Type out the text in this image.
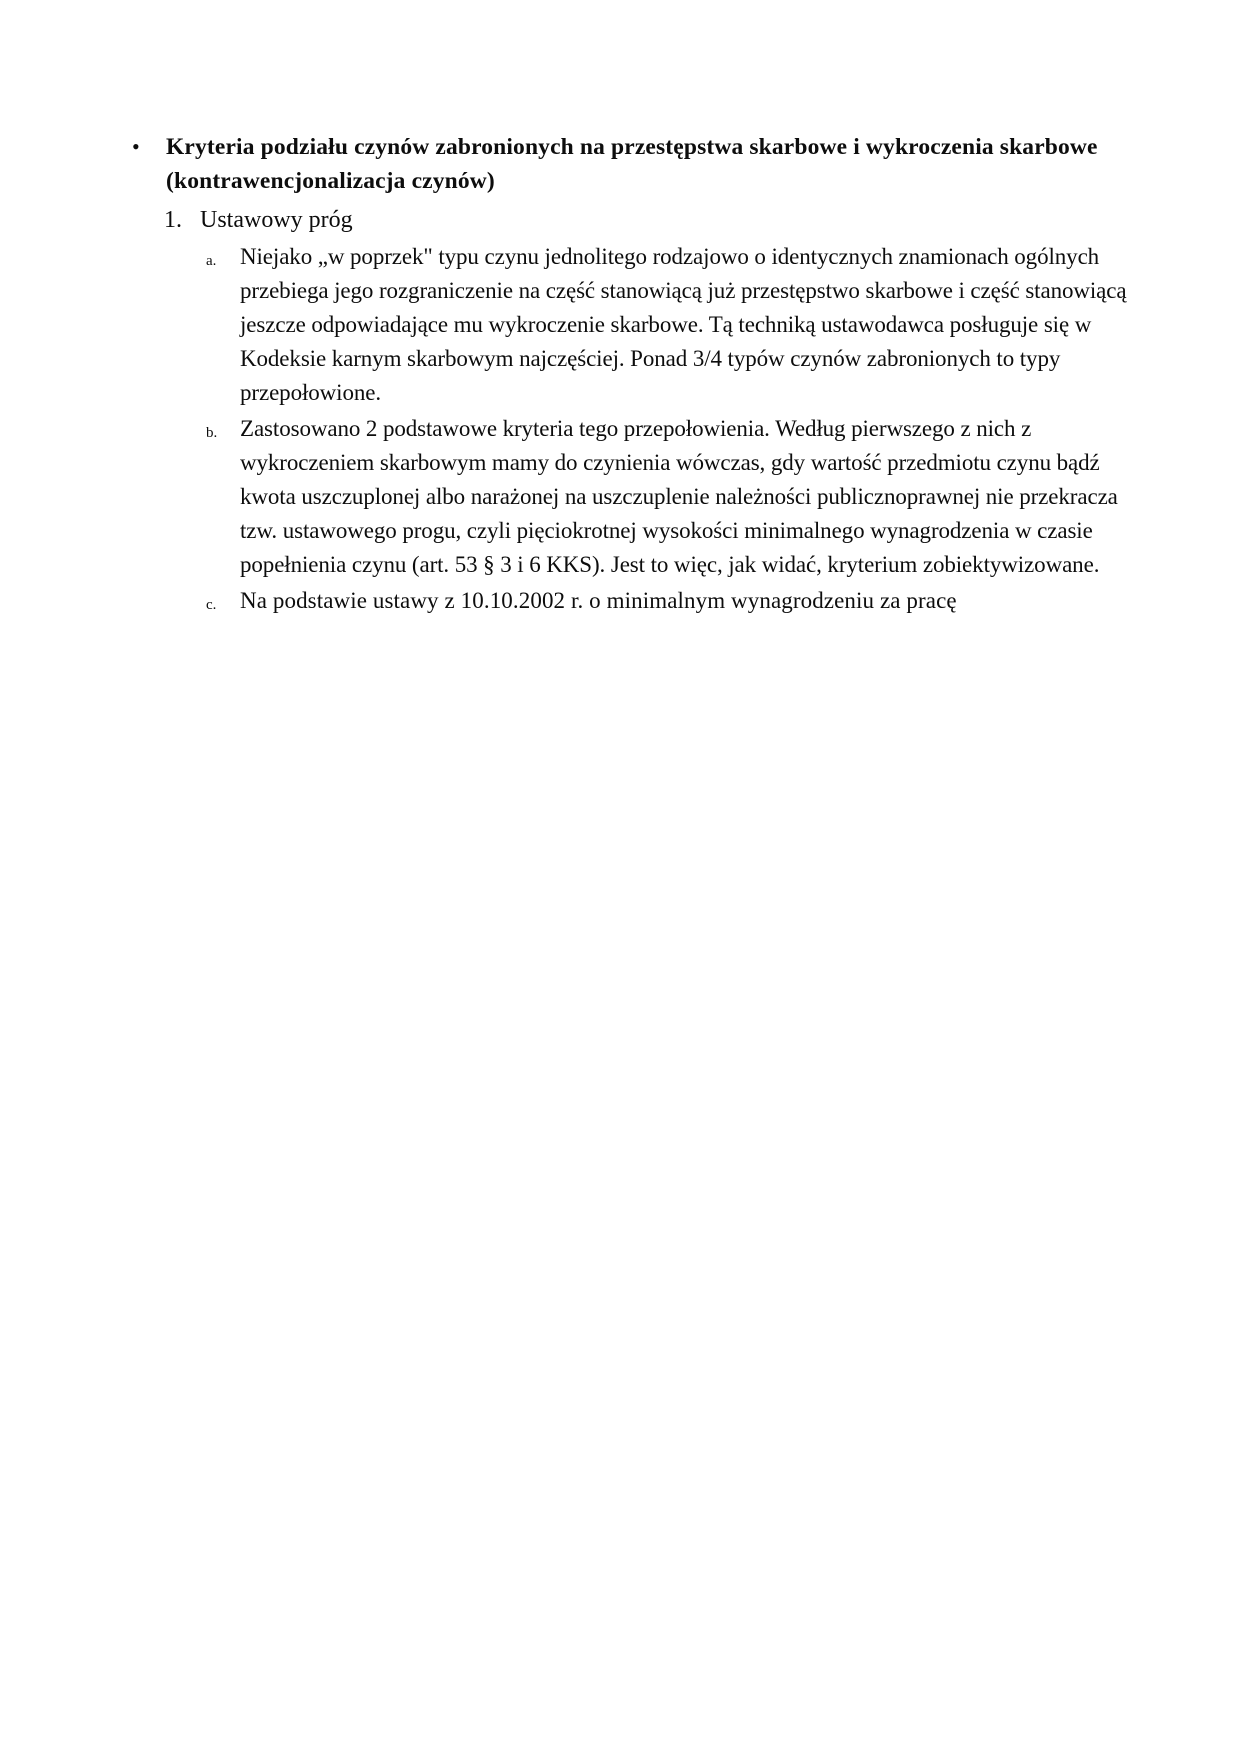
• Kryteria podziału czynów zabronionych na przestępstwa skarbowe i wykroczenia skarbowe (kontrawencjonalizacja czynów)
1. Ustawowy próg
a. Niejako „w poprzek" typu czynu jednolitego rodzajowo o identycznych znamionach ogólnych przebiega jego rozgraniczenie na część stanowiącą już przestępstwo skarbowe i część stanowiącą jeszcze odpowiadające mu wykroczenie skarbowe. Tą techniką ustawodawca posługuje się w Kodeksie karnym skarbowym najczęściej. Ponad 3/4 typów czynów zabronionych to typy przepołowione.
b. Zastosowano 2 podstawowe kryteria tego przepołowienia. Według pierwszego z nich z wykroczeniem skarbowym mamy do czynienia wówczas, gdy wartość przedmiotu czynu bądź kwota uszczuplonej albo narażonej na uszczuplenie należności publicznoprawnej nie przekracza tzw. ustawowego progu, czyli pięciokrotnej wysokości minimalnego wynagrodzenia w czasie popełnienia czynu (art. 53 § 3 i 6 KKS). Jest to więc, jak widać, kryterium zobiektywizowane.
c. Na podstawie ustawy z 10.10.2002 r. o minimalnym wynagrodzeniu za pracę
